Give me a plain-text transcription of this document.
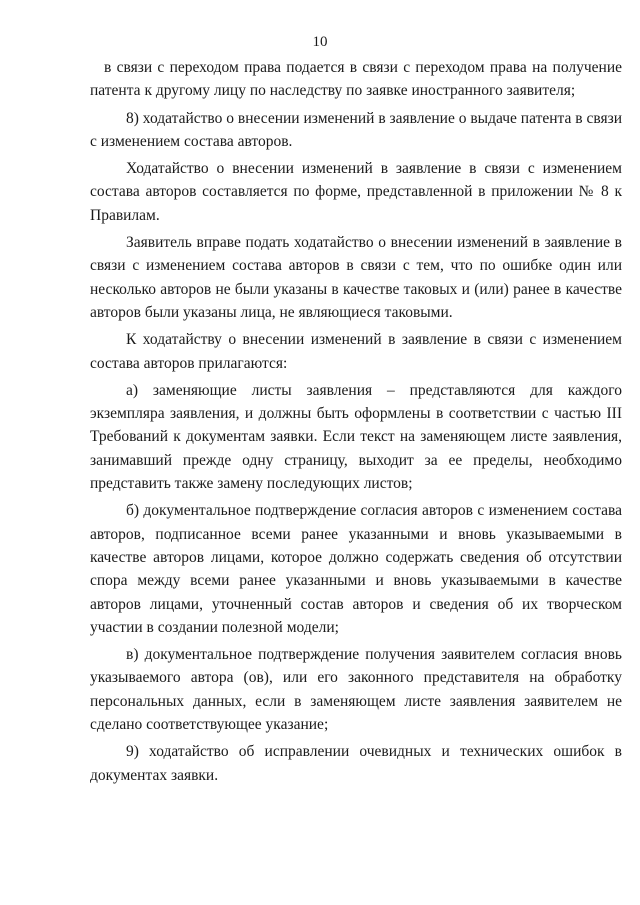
10

в связи с переходом права подается в связи с переходом права на получение патента к другому лицу по наследству по заявке иностранного заявителя;

8) ходатайство о внесении изменений в заявление о выдаче патента в связи с изменением состава авторов.

Ходатайство о внесении изменений в заявление в связи с изменением состава авторов составляется по форме, представленной в приложении № 8 к Правилам.

Заявитель вправе подать ходатайство о внесении изменений в заявление в связи с изменением состава авторов в связи с тем, что по ошибке один или несколько авторов не были указаны в качестве таковых и (или) ранее в качестве авторов были указаны лица, не являющиеся таковыми.

К ходатайству о внесении изменений в заявление в связи с изменением состава авторов прилагаются:

а) заменяющие листы заявления – представляются для каждого экземпляра заявления, и должны быть оформлены в соответствии с частью III Требований к документам заявки. Если текст на заменяющем листе заявления, занимавший прежде одну страницу, выходит за ее пределы, необходимо представить также замену последующих листов;

б) документальное подтверждение согласия авторов с изменением состава авторов, подписанное всеми ранее указанными и вновь указываемыми в качестве авторов лицами, которое должно содержать сведения об отсутствии спора между всеми ранее указанными и вновь указываемыми в качестве авторов лицами, уточненный состав авторов и сведения об их творческом участии в создании полезной модели;

в) документальное подтверждение получения заявителем согласия вновь указываемого автора (ов), или его законного представителя на обработку персональных данных, если в заменяющем листе заявления заявителем не сделано соответствующее указание;

9) ходатайство об исправлении очевидных и технических ошибок в документах заявки.
